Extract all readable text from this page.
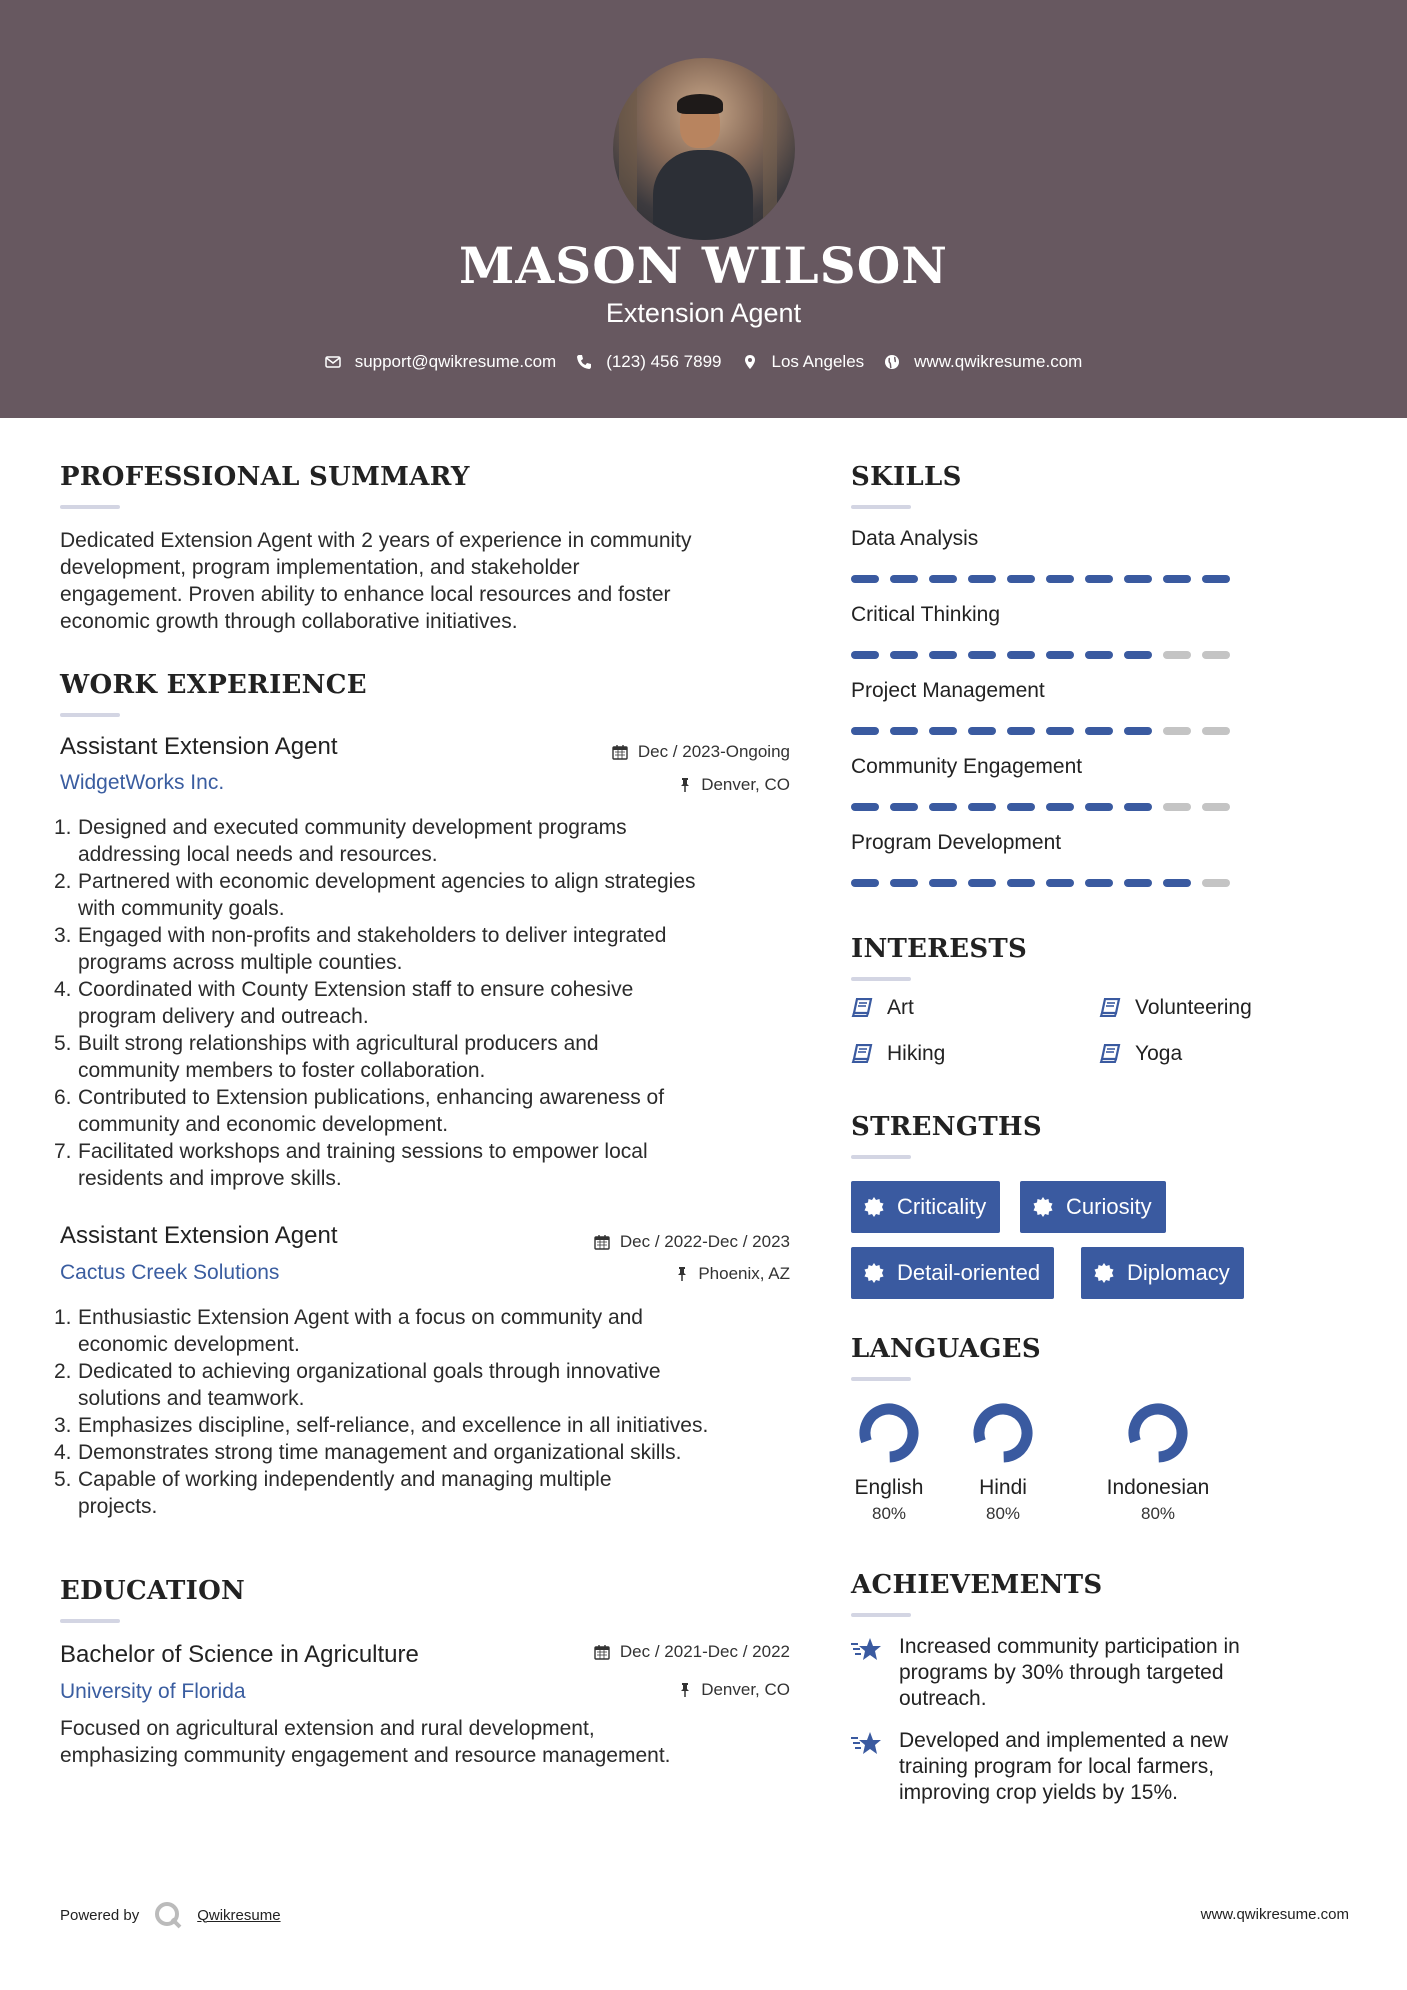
MASON WILSON
Extension Agent
support@qwikresume.com	(123) 456 7899	Los Angeles	www.qwikresume.com
PROFESSIONAL SUMMARY
Dedicated Extension Agent with 2 years of experience in community
development, program implementation, and stakeholder
engagement. Proven ability to enhance local resources and foster
economic growth through collaborative initiatives.
WORK EXPERIENCE
Assistant Extension Agent
WidgetWorks Inc.
Dec / 2023-Ongoing
Denver, CO
1. Designed and executed community development programs
addressing local needs and resources.
2. Partnered with economic development agencies to align strategies
with community goals.
3. Engaged with non-profits and stakeholders to deliver integrated
programs across multiple counties.
4. Coordinated with County Extension staff to ensure cohesive
program delivery and outreach.
5. Built strong relationships with agricultural producers and
community members to foster collaboration.
6. Contributed to Extension publications, enhancing awareness of
community and economic development.
7. Facilitated workshops and training sessions to empower local
residents and improve skills.
Assistant Extension Agent
Cactus Creek Solutions
Dec / 2022-Dec / 2023
Phoenix, AZ
1. Enthusiastic Extension Agent with a focus on community and
economic development.
2. Dedicated to achieving organizational goals through innovative
solutions and teamwork.
3. Emphasizes discipline, self-reliance, and excellence in all initiatives.
4. Demonstrates strong time management and organizational skills.
5. Capable of working independently and managing multiple
projects.
EDUCATION
Bachelor of Science in Agriculture
University of Florida
Dec / 2021-Dec / 2022
Denver, CO
Focused on agricultural extension and rural development,
emphasizing community engagement and resource management.
SKILLS
Data Analysis
Critical Thinking
Project Management
Community Engagement
Program Development
INTERESTS
Art	Volunteering
Hiking	Yoga
STRENGTHS
Criticality	Curiosity
Detail-oriented	Diplomacy
LANGUAGES
English
80%
Hindi
80%
Indonesian
80%
ACHIEVEMENTS
Increased community participation in
programs by 30% through targeted
outreach.
Developed and implemented a new
training program for local farmers,
improving crop yields by 15%.
Powered by	Qwikresume	www.qwikresume.com
